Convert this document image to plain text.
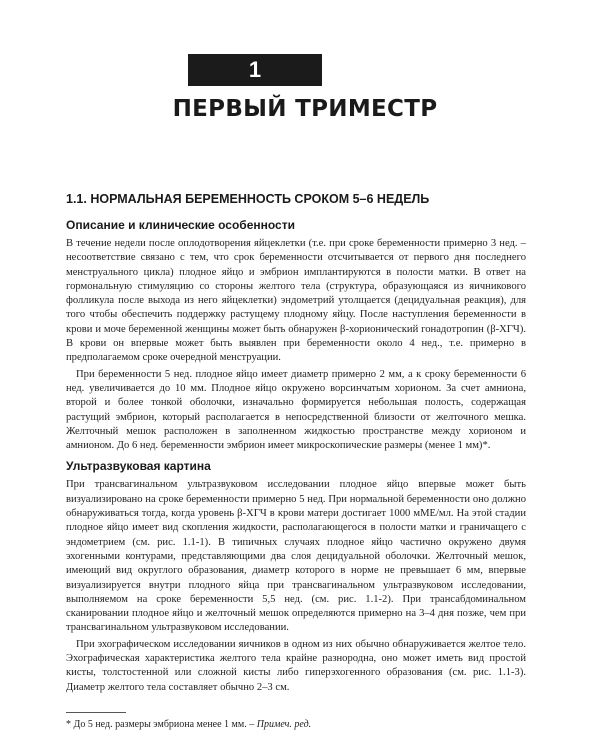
1
ПЕРВЫЙ ТРИМЕСТР
1.1. НОРМАЛЬНАЯ БЕРЕМЕННОСТЬ СРОКОМ 5–6 НЕДЕЛЬ
Описание и клинические особенности

В течение недели после оплодотворения яйцеклетки (т.е. при сроке беременности примерно 3 нед. – несоответствие связано с тем, что срок беременности отсчитывается от первого дня последнего менструального цикла) плодное яйцо и эмбрион имплантируются в полости матки. В ответ на гормональную стимуляцию со стороны желтого тела (структура, образующаяся из яичникового фолликула после выхода из него яйцеклетки) эндометрий утолщается (децидуальная реакция), для того чтобы обеспечить поддержку растущему плодному яйцу. После наступления беременности в крови и моче беременной женщины может быть обнаружен β-хорионический гонадотропин (β-ХГЧ). В крови он впервые может быть выявлен при беременности около 4 нед., т.е. примерно в предполагаемом сроке очередной менструации.

При беременности 5 нед. плодное яйцо имеет диаметр примерно 2 мм, а к сроку беременности 6 нед. увеличивается до 10 мм. Плодное яйцо окружено ворсинчатым хорионом. За счет амниона, второй и более тонкой оболочки, изначально формируется небольшая полость, содержащая растущий эмбрион, который располагается в непосредственной близости от желточного мешка. Желточный мешок расположен в заполненном жидкостью пространстве между хорионом и амнионом. До 6 нед. беременности эмбрион имеет микроскопические размеры (менее 1 мм)*.

Ультразвуковая картина

При трансвагинальном ультразвуковом исследовании плодное яйцо впервые может быть визуализировано на сроке беременности примерно 5 нед. При нормальной беременности оно должно обнаруживаться тогда, когда уровень β-ХГЧ в крови матери достигает 1000 мМЕ/мл. На этой стадии плодное яйцо имеет вид скопления жидкости, располагающегося в полости матки и граничащего с эндометрием (см. рис. 1.1-1). В типичных случаях плодное яйцо частично окружено двумя эхогенными контурами, представляющими два слоя децидуальной оболочки. Желточный мешок, имеющий вид округлого образования, диаметр которого в норме не превышает 6 мм, впервые визуализируется внутри плодного яйца при трансвагинальном ультразвуковом исследовании, выполняемом на сроке беременности 5,5 нед. (см. рис. 1.1-2). При трансабдоминальном сканировании плодное яйцо и желточный мешок определяются примерно на 3–4 дня позже, чем при трансвагинальном ультразвуковом исследовании.

При эхографическом исследовании яичников в одном из них обычно обнаруживается желтое тело. Эхографическая характеристика желтого тела крайне разнородна, оно может иметь вид простой кисты, толстостенной или сложной кисты либо гиперэхогенного образования (см. рис. 1.1-3). Диаметр желтого тела составляет обычно 2–3 см.

* До 5 нед. размеры эмбриона менее 1 мм. – Примеч. ред.
